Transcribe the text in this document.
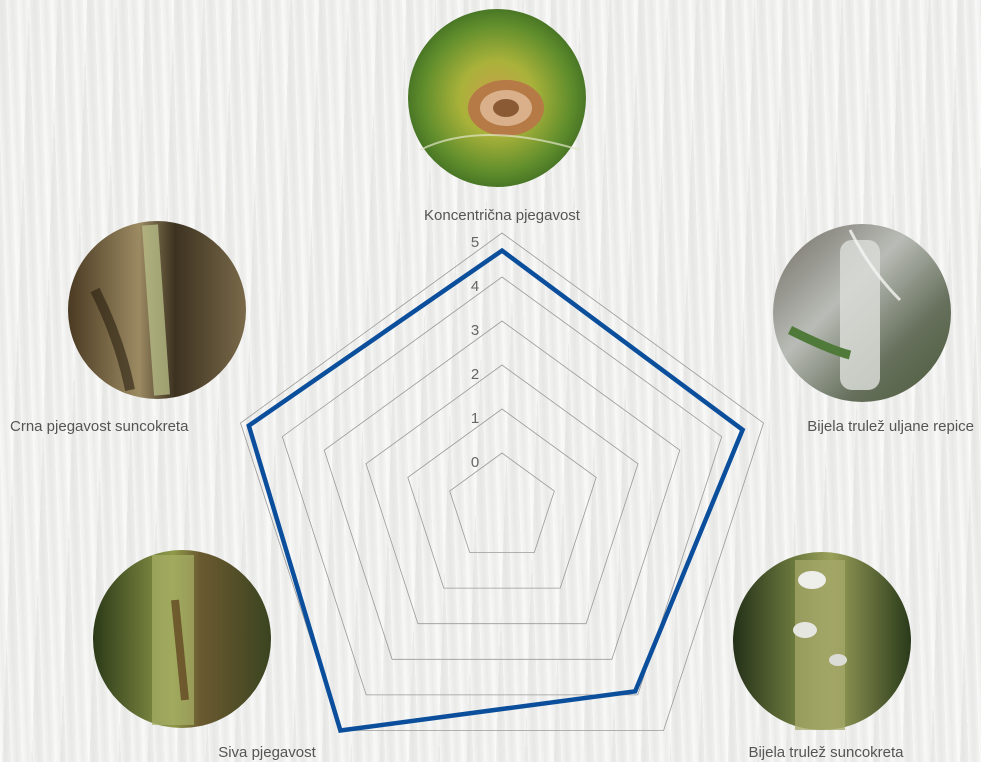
0
1
2
3
4
5
Koncentrična pjegavost
Bijela trulež uljane repice
Bijela trulež suncokreta
Siva pjegavost
Crna pjegavost suncokreta
